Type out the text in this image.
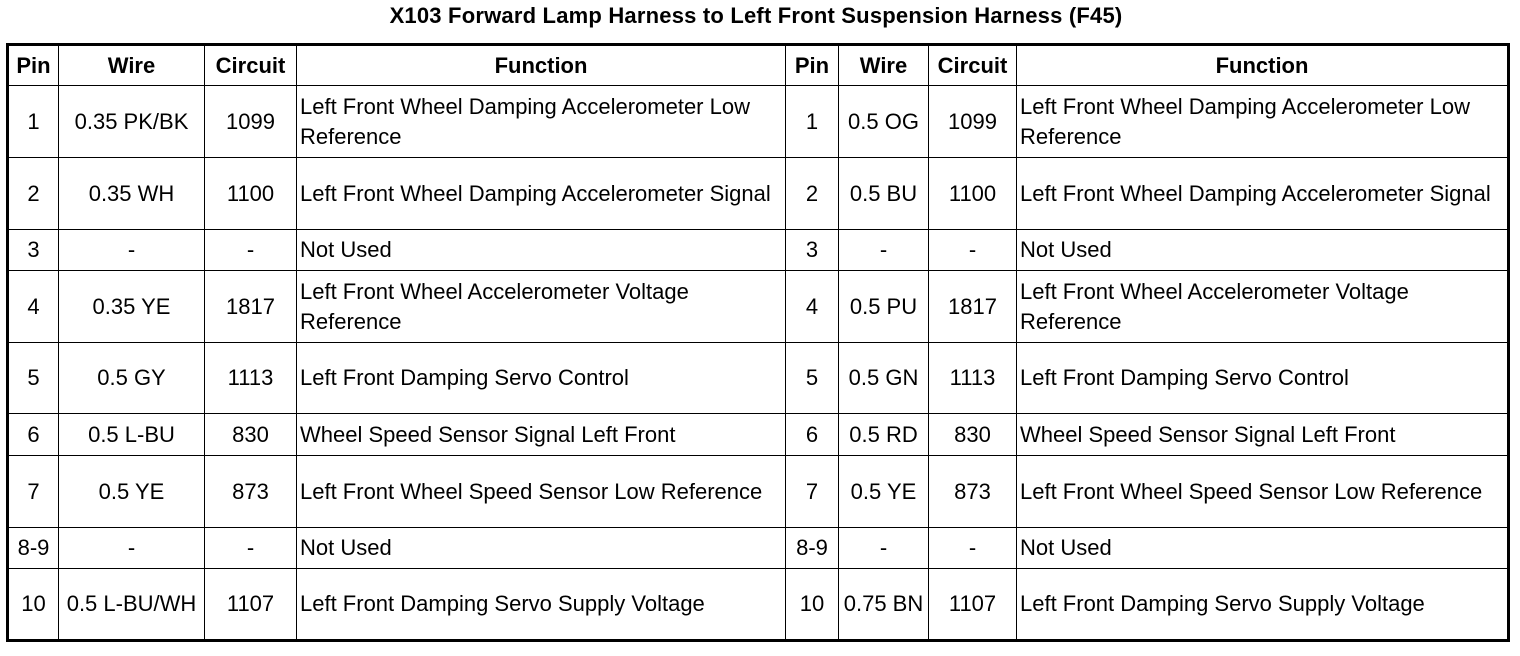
X103 Forward Lamp Harness to Left Front Suspension Harness (F45)
Pin	Wire	Circuit	Function	Pin	Wire	Circuit	Function
1	0.35 PK/BK	1099	Left Front Wheel Damping Accelerometer Low Reference	1	0.5 OG	1099	Left Front Wheel Damping Accelerometer Low Reference
2	0.35 WH	1100	Left Front Wheel Damping Accelerometer Signal	2	0.5 BU	1100	Left Front Wheel Damping Accelerometer Signal
3	-	-	Not Used	3	-	-	Not Used
4	0.35 YE	1817	Left Front Wheel Accelerometer Voltage Reference	4	0.5 PU	1817	Left Front Wheel Accelerometer Voltage Reference
5	0.5 GY	1113	Left Front Damping Servo Control	5	0.5 GN	1113	Left Front Damping Servo Control
6	0.5 L-BU	830	Wheel Speed Sensor Signal Left Front	6	0.5 RD	830	Wheel Speed Sensor Signal Left Front
7	0.5 YE	873	Left Front Wheel Speed Sensor Low Reference	7	0.5 YE	873	Left Front Wheel Speed Sensor Low Reference
8-9	-	-	Not Used	8-9	-	-	Not Used
10	0.5 L-BU/WH	1107	Left Front Damping Servo Supply Voltage	10	0.75 BN	1107	Left Front Damping Servo Supply Voltage
